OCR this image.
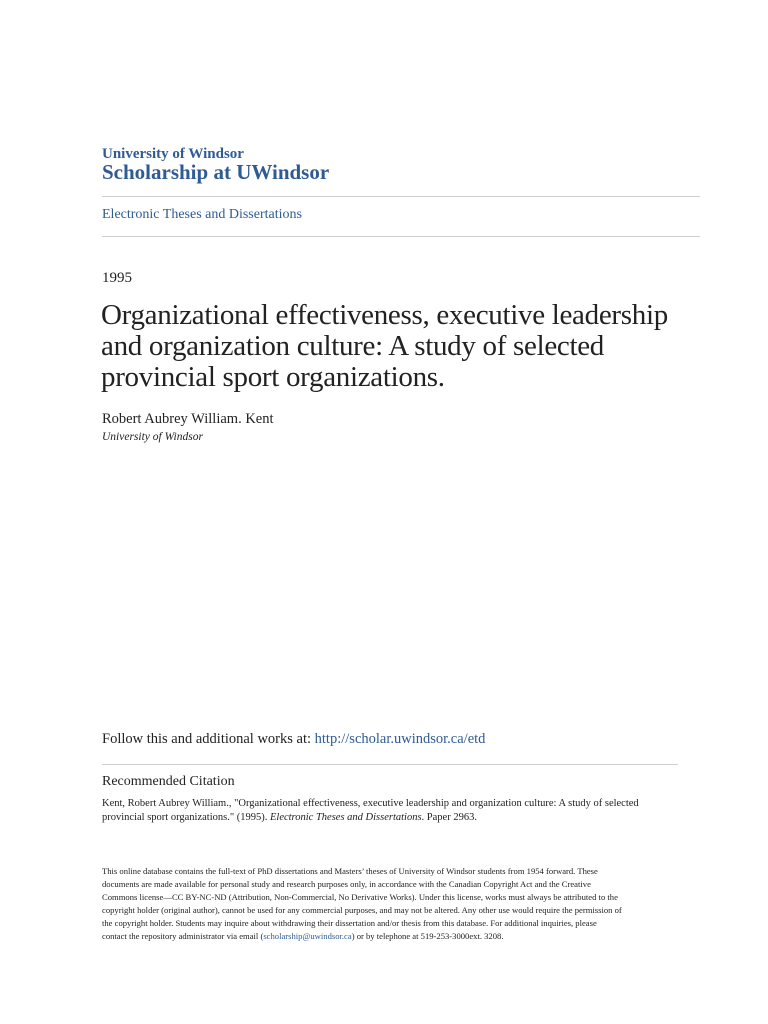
University of Windsor
Scholarship at UWindsor
Electronic Theses and Dissertations
1995
Organizational effectiveness, executive leadership
and organization culture: A study of selected
provincial sport organizations.
Robert Aubrey William. Kent
University of Windsor
Follow this and additional works at: http://scholar.uwindsor.ca/etd
Recommended Citation
Kent, Robert Aubrey William., "Organizational effectiveness, executive leadership and organization culture: A study of selected
provincial sport organizations." (1995). Electronic Theses and Dissertations. Paper 2963.
This online database contains the full-text of PhD dissertations and Masters’ theses of University of Windsor students from 1954 forward. These
documents are made available for personal study and research purposes only, in accordance with the Canadian Copyright Act and the Creative
Commons license—CC BY-NC-ND (Attribution, Non-Commercial, No Derivative Works). Under this license, works must always be attributed to the
copyright holder (original author), cannot be used for any commercial purposes, and may not be altered. Any other use would require the permission of
the copyright holder. Students may inquire about withdrawing their dissertation and/or thesis from this database. For additional inquiries, please
contact the repository administrator via email (scholarship@uwindsor.ca) or by telephone at 519-253-3000ext. 3208.
